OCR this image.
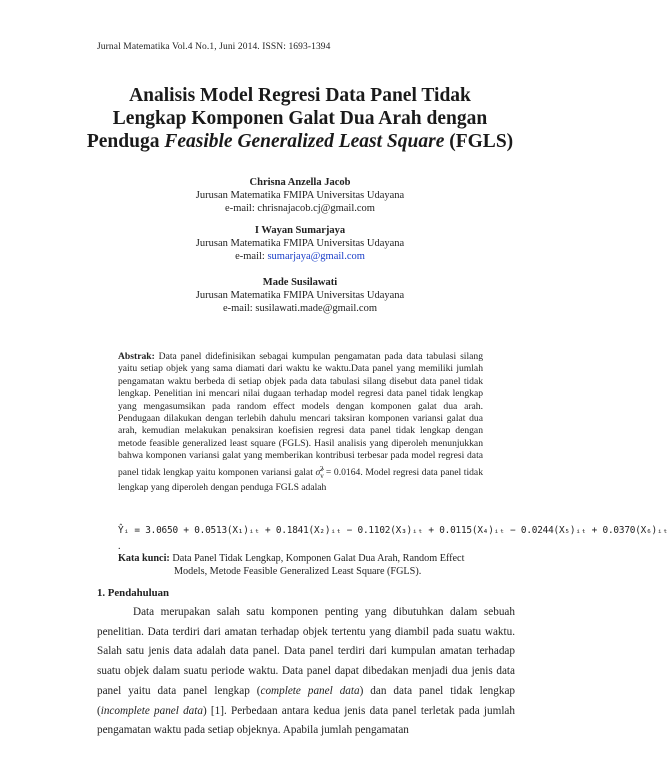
Jurnal Matematika Vol.4 No.1, Juni 2014. ISSN: 1693-1394
Analisis Model Regresi Data Panel Tidak
Lengkap Komponen Galat Dua Arah dengan
Penduga Feasible Generalized Least Square (FGLS)
Chrisna Anzella Jacob
Jurusan Matematika FMIPA Universitas Udayana
e-mail: chrisnajacob.cj@gmail.com
I Wayan Sumarjaya
Jurusan Matematika FMIPA Universitas Udayana
e-mail: sumarjaya@gmail.com
Made Susilawati
Jurusan Matematika FMIPA Universitas Udayana
e-mail: susilawati.made@gmail.com
Abstrak: Data panel didefinisikan sebagai kumpulan pengamatan pada data tabulasi silang yaitu setiap objek yang sama diamati dari waktu ke waktu.Data panel yang memiliki jumlah pengamatan waktu berbeda di setiap objek pada data tabulasi silang disebut data panel tidak lengkap. Penelitian ini mencari nilai dugaan terhadap model regresi data panel tidak lengkap yang mengasumsikan pada random effect models dengan komponen galat dua arah. Pendugaan dilakukan dengan terlebih dahulu mencari taksiran komponen variansi galat dua arah, kemudian melakukan penaksiran koefisien regresi data panel tidak lengkap dengan metode feasible generalized least square (FGLS). Hasil analisis yang diperoleh menunjukkan bahwa komponen variansi galat yang memberikan kontribusi terbesar pada model regresi data panel tidak lengkap yaitu komponen variansi galat $\sigmâ_v^2 = 0.0164$. Model regresi data panel tidak lengkap yang diperoleh dengan penduga FGLS adalah
Ŷᵢ = 3.0650 + 0.0513(X₁)ᵢₜ + 0.1841(X₂)ᵢₜ − 0.1102(X₃)ᵢₜ + 0.0115(X₄)ᵢₜ − 0.0244(X₅)ᵢₜ + 0.0370(X₆)ᵢₜ
.
Kata kunci: Data Panel Tidak Lengkap, Komponen Galat Dua Arah, Random Effect
Models, Metode Feasible Generalized Least Square (FGLS).
1. Pendahuluan

Data merupakan salah satu komponen penting yang dibutuhkan dalam sebuah penelitian. Data terdiri dari amatan terhadap objek tertentu yang diambil pada suatu waktu. Salah satu jenis data adalah data panel. Data panel terdiri dari kumpulan amatan terhadap suatu objek dalam suatu periode waktu. Data panel dapat dibedakan menjadi dua jenis data panel yaitu data panel lengkap (complete panel data) dan data panel tidak lengkap (incomplete panel data) [1]. Perbedaan antara kedua jenis data panel terletak pada jumlah pengamatan waktu pada setiap objeknya. Apabila jumlah pengamatan
